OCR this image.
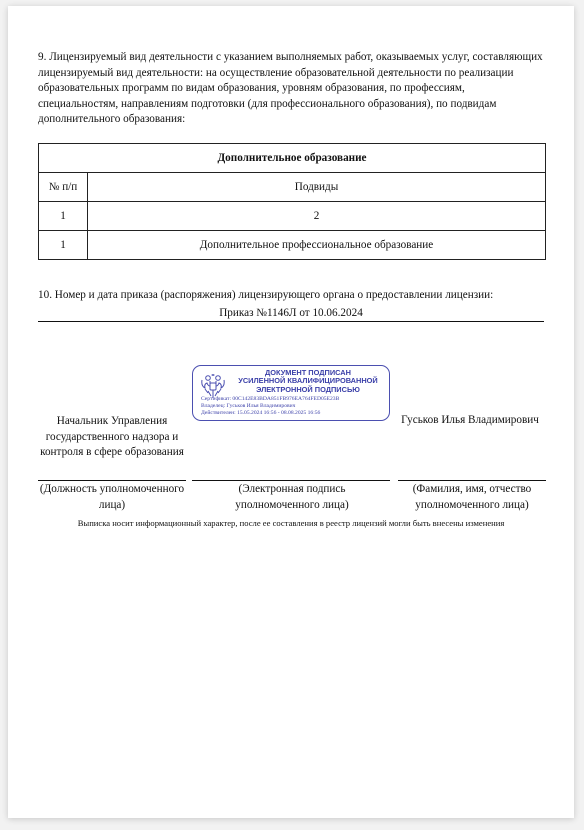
9. Лицензируемый вид деятельности с указанием выполняемых работ, оказываемых услуг, составляющих лицензируемый вид деятельности: на осуществление образовательной деятельности по реализации образовательных программ по видам образования, уровням образования, по профессиям, специальностям, направлениям подготовки (для профессионального образования), по подвидам дополнительного образования:
Дополнительное образование	
№ п/п	Подвиды
1	2
1	Дополнительное профессиональное образование
10. Номер и дата приказа (распоряжения) лицензирующего органа о предоставлении лицензии:
Приказ №1146Л от 10.06.2024
ДОКУМЕНТ ПОДПИСАН
УСИЛЕННОЙ КВАЛИФИЦИРОВАННОЙ
ЭЛЕКТРОННОЙ ПОДПИСЬЮ
Сертификат: 00C142E83BDA851FB976EA764FED05E23B
Владелец: Гуськов Илья Владимирович
Действителен: 15.05.2024 16:56 - 08.08.2025 16:56
Начальник Управления государственного надзора и контроля в сфере образования
Гуськов Илья Владимирович
(Должность уполномоченного лица)
(Электронная подпись уполномоченного лица)
(Фамилия, имя, отчество уполномоченного лица)
Выписка носит информационный характер, после ее составления в реестр лицензий могли быть внесены изменения
